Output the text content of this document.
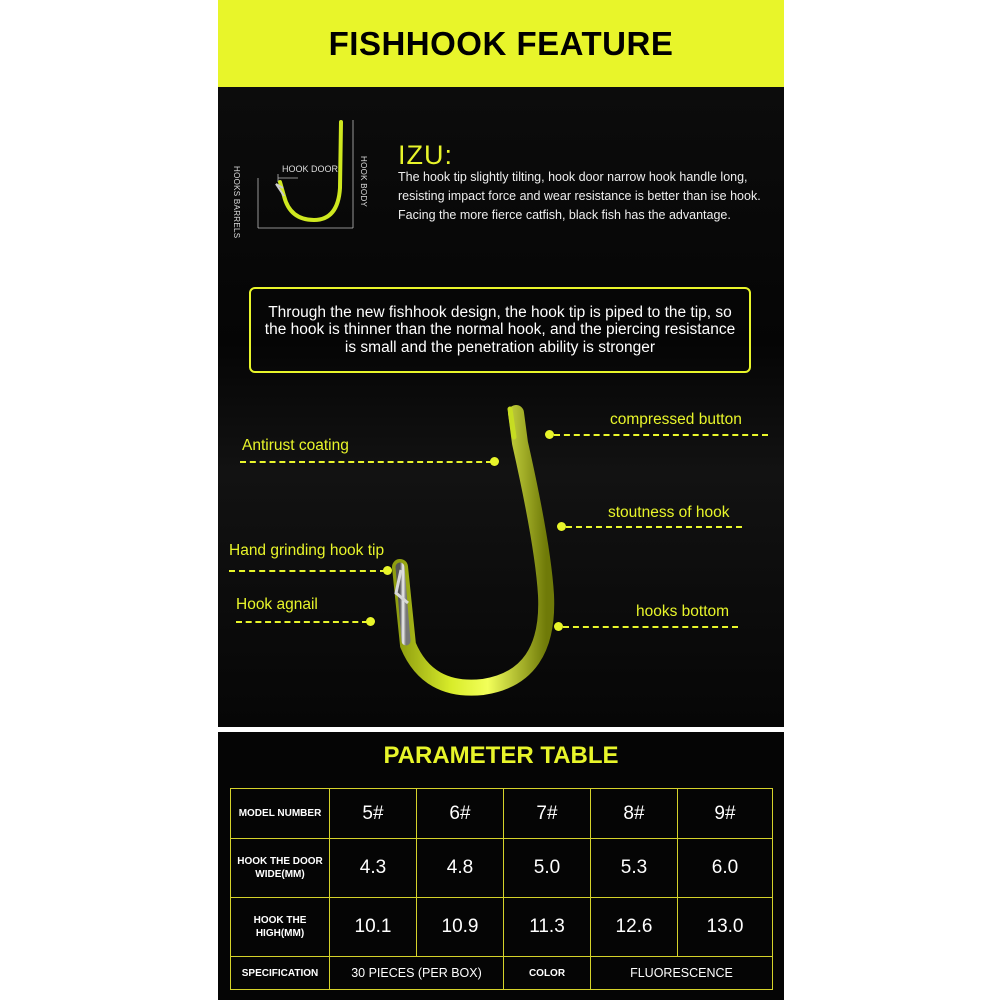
FISHHOOK FEATURE
HOOK DOOR	HOOK BODY
HOOKS BARRELS
IZU:
The hook tip slightly tilting, hook door narrow hook handle long, resisting impact force and wear resistance is better than ise hook. Facing the more fierce catfish, black fish has the advantage.
Through the new fishhook design, the hook tip is piped to the tip, so the hook is thinner than the normal hook, and the piercing resistance is small and the penetration ability is stronger
compressed button
Antirust coating
stoutness of hook
Hand grinding hook tip
Hook agnail	hooks bottom
PARAMETER TABLE
MODEL NUMBER	5#	6#	7#	8#	9#
HOOK THE DOOR WIDE(MM)	4.3	4.8	5.0	5.3	6.0
HOOK THE HIGH(MM)	10.1	10.9	11.3	12.6	13.0
SPECIFICATION	30 PIECES (PER BOX)		COLOR	FLUORESCENCE	
